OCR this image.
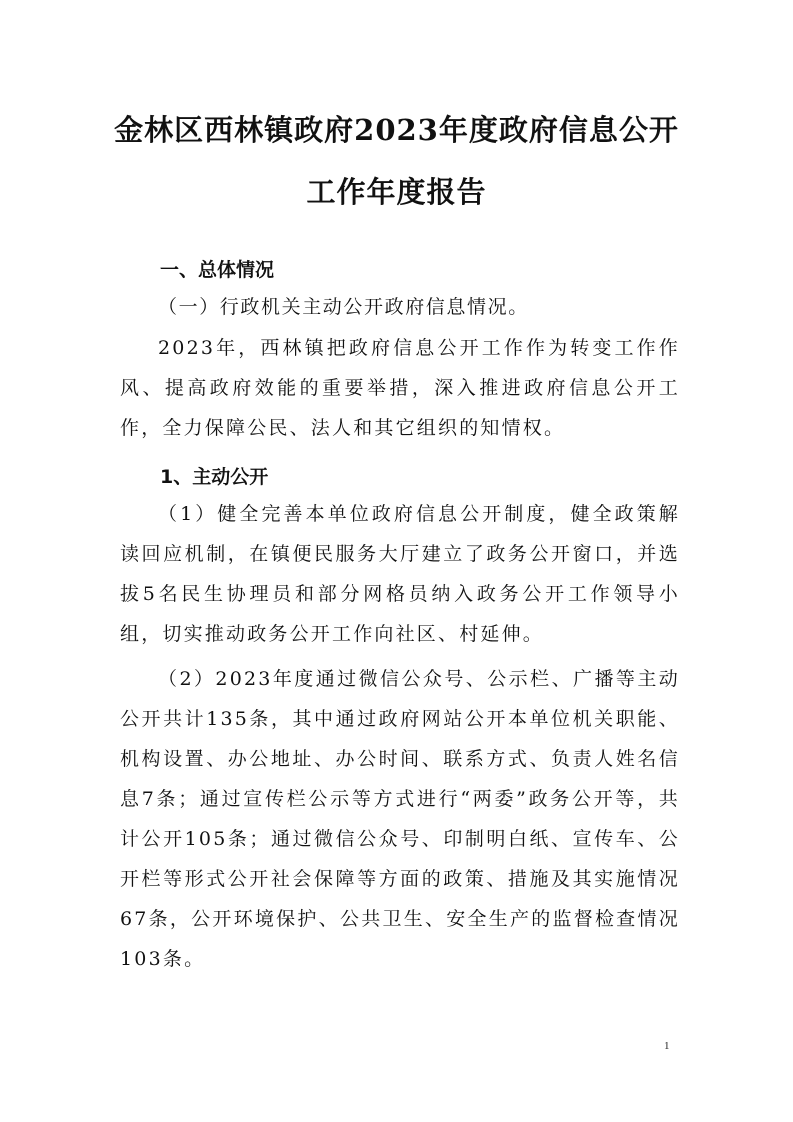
金林区西林镇政府2023年度政府信息公开
工作年度报告
一、总体情况

（一）行政机关主动公开政府信息情况。

2023年，西林镇把政府信息公开工作作为转变工作作风、提高政府效能的重要举措，深入推进政府信息公开工作，全力保障公民、法人和其它组织的知情权。

1、主动公开

（1）健全完善本单位政府信息公开制度，健全政策解读回应机制，在镇便民服务大厅建立了政务公开窗口，并选拔5名民生协理员和部分网格员纳入政务公开工作领导小组，切实推动政务公开工作向社区、村延伸。

（2）2023年度通过微信公众号、公示栏、广播等主动公开共计135条，其中通过政府网站公开本单位机关职能、机构设置、办公地址、办公时间、联系方式、负责人姓名信息7条；通过宣传栏公示等方式进行“两委”政务公开等，共计公开105条；通过微信公众号、印制明白纸、宣传车、公开栏等形式公开社会保障等方面的政策、措施及其实施情况67条，公开环境保护、公共卫生、安全生产的监督检查情况103条。

1
